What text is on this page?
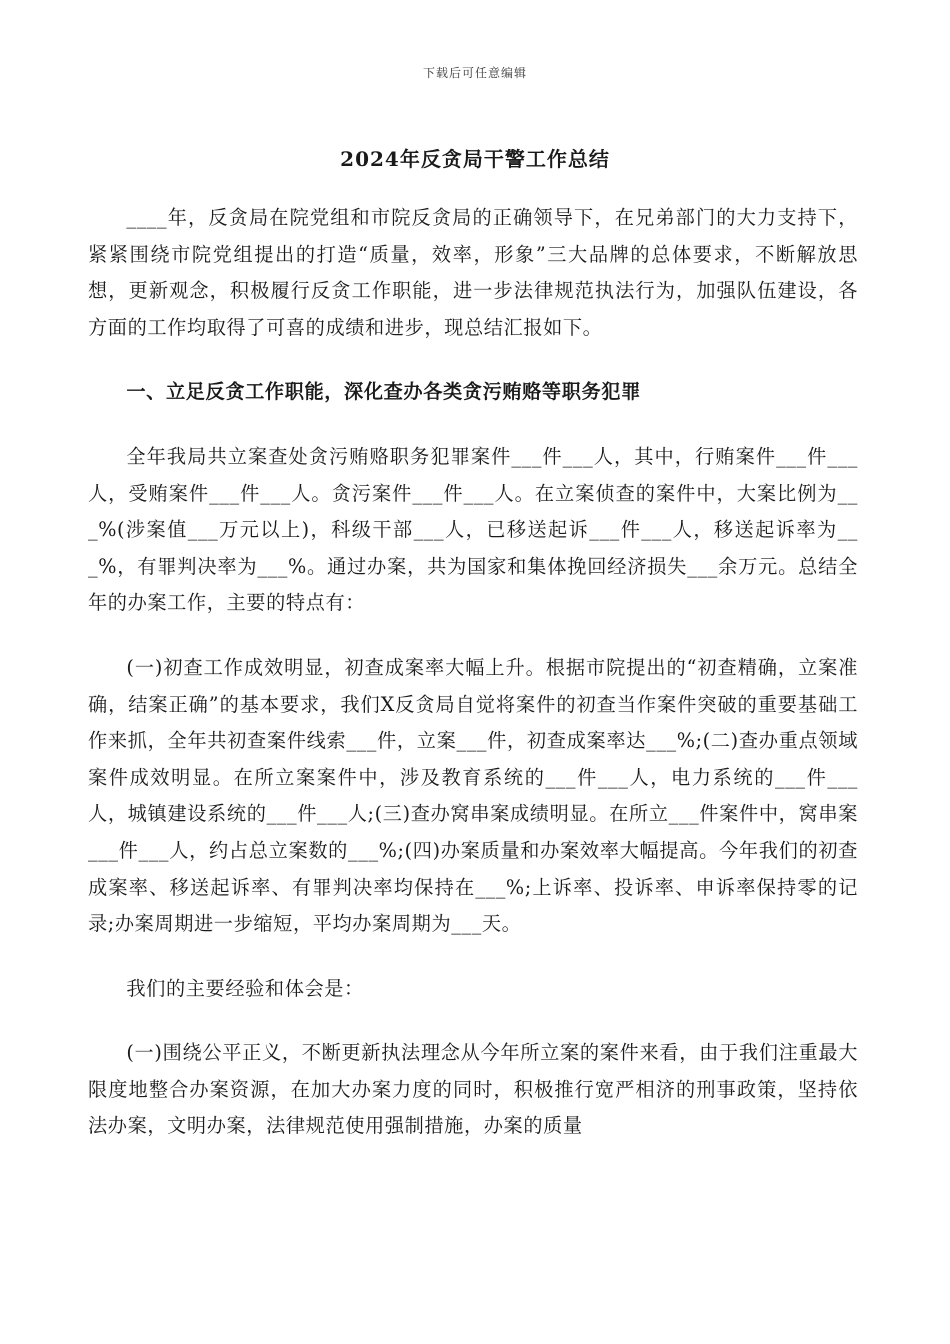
下载后可任意编辑
2024年反贪局干警工作总结

____年，反贪局在院党组和市院反贪局的正确领导下，在兄弟部门的大力支持下，紧紧围绕市院党组提出的打造“质量，效率，形象”三大品牌的总体要求，不断解放思想，更新观念，积极履行反贪工作职能，进一步法律规范执法行为，加强队伍建设，各方面的工作均取得了可喜的成绩和进步，现总结汇报如下。

一、立足反贪工作职能，深化查办各类贪污贿赂等职务犯罪

全年我局共立案查处贪污贿赂职务犯罪案件___件___人，其中，行贿案件___件___人，受贿案件___件___人。贪污案件___件___人。在立案侦查的案件中，大案比例为___%(涉案值___万元以上)，科级干部___人，已移送起诉___件___人，移送起诉率为___%，有罪判决率为___%。通过办案，共为国家和集体挽回经济损失___余万元。总结全年的办案工作，主要的特点有：

(一)初查工作成效明显，初查成案率大幅上升。根据市院提出的“初查精确，立案准确，结案正确”的基本要求，我们X反贪局自觉将案件的初查当作案件突破的重要基础工作来抓，全年共初查案件线索___件，立案___件，初查成案率达___%;(二)查办重点领域案件成效明显。在所立案案件中，涉及教育系统的___件___人，电力系统的___件___人，城镇建设系统的___件___人;(三)查办窝串案成绩明显。在所立___件案件中，窝串案___件___人，约占总立案数的___%;(四)办案质量和办案效率大幅提高。今年我们的初查成案率、移送起诉率、有罪判决率均保持在___%;上诉率、投诉率、申诉率保持零的记录;办案周期进一步缩短，平均办案周期为___天。

我们的主要经验和体会是：

(一)围绕公平正义，不断更新执法理念从今年所立案的案件来看，由于我们注重最大限度地整合办案资源，在加大办案力度的同时，积极推行宽严相济的刑事政策，坚持依法办案，文明办案，法律规范使用强制措施，办案的质量
